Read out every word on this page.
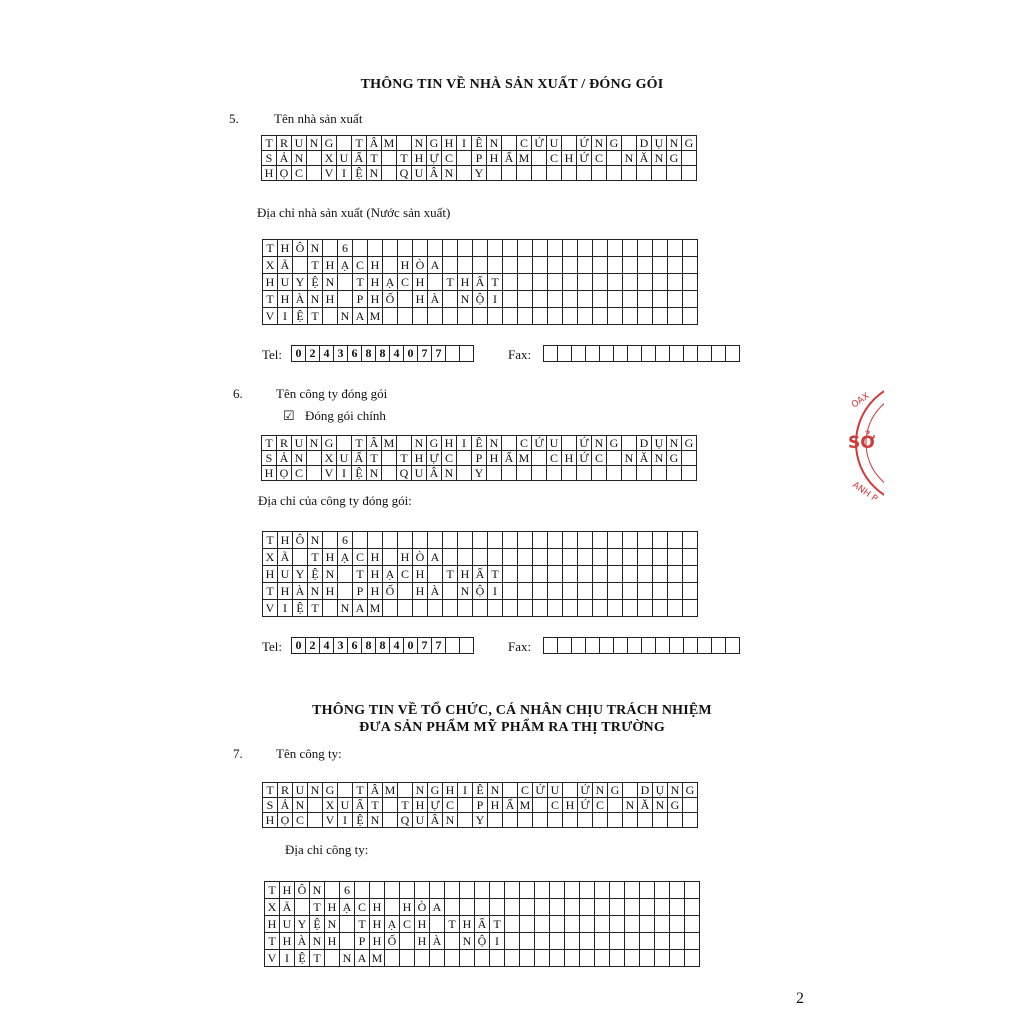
THÔNG TIN VỀ NHÀ SẢN XUẤT / ĐÓNG GÓI
5.	Tên nhà sản xuất
T	R	U	N	G		T	Â	M		N	G	H	I	Ê	N		C	Ứ	U		Ứ	N	G		D	Ụ	N	G
S	Ả	N		X	U	Ấ	T		T	H	Ự	C		P	H	Ẩ	M		C	H	Ứ	C		N	Ă	N	G	
H	Ọ	C		V	I	Ệ	N		Q	U	Â	N		Y														
Địa chỉ nhà sản xuất (Nước sản xuất)
T	H	Ô	N		6																							
X	Ã		T	H	Ạ	C	H		H	Ò	A																	
H	U	Y	Ệ	N		T	H	Ạ	C	H		T	H	Ấ	T													
T	H	À	N	H		P	H	Ố		H	À		N	Ộ	I													
V	I	Ệ	T		N	A	M																					
Tel: 0 2 4 3 6 8 8 4 0 7 7	Fax:
6.	Tên công ty đóng gói
☑ Đóng gói chính
T	R	U	N	G		T	Â	M		N	G	H	I	Ê	N		C	Ứ	U		Ứ	N	G		D	Ụ	N	G
S	Ả	N		X	U	Ấ	T		T	H	Ự	C		P	H	Ẩ	M		C	H	Ứ	C		N	Ă	N	G	
H	Ọ	C		V	I	Ệ	N		Q	U	Â	N		Y														
Địa chỉ của công ty đóng gói:
T	H	Ô	N		6																							
X	Ã		T	H	Ạ	C	H		H	Ò	A																	
H	U	Y	Ệ	N		T	H	Ạ	C	H		T	H	Ấ	T													
T	H	À	N	H		P	H	Ố		H	À		N	Ộ	I													
V	I	Ệ	T		N	A	M																					
Tel: 0 2 4 3 6 8 8 4 0 7 7	Fax:
THÔNG TIN VỀ TỔ CHỨC, CÁ NHÂN CHỊU TRÁCH NHIỆM
ĐƯA SẢN PHẨM MỸ PHẨM RA THỊ TRƯỜNG
7.	Tên công ty:
T	R	U	N	G		T	Â	M		N	G	H	I	Ê	N		C	Ứ	U		Ứ	N	G		D	Ụ	N	G
S	Ả	N		X	U	Ấ	T		T	H	Ự	C		P	H	Ẩ	M		C	H	Ứ	C		N	Ă	N	G	
H	Ọ	C		V	I	Ệ	N		Q	U	Â	N		Y														
Địa chỉ công ty:
T	H	Ô	N		6																							
X	Ã		T	H	Ạ	C	H		H	Ò	A																	
H	U	Y	Ệ	N		T	H	Ạ	C	H		T	H	Ấ	T													
T	H	À	N	H		P	H	Ố		H	À		N	Ộ	I													
V	I	Ệ	T		N	A	M																					
OAX
ANH P
SỞ
2
